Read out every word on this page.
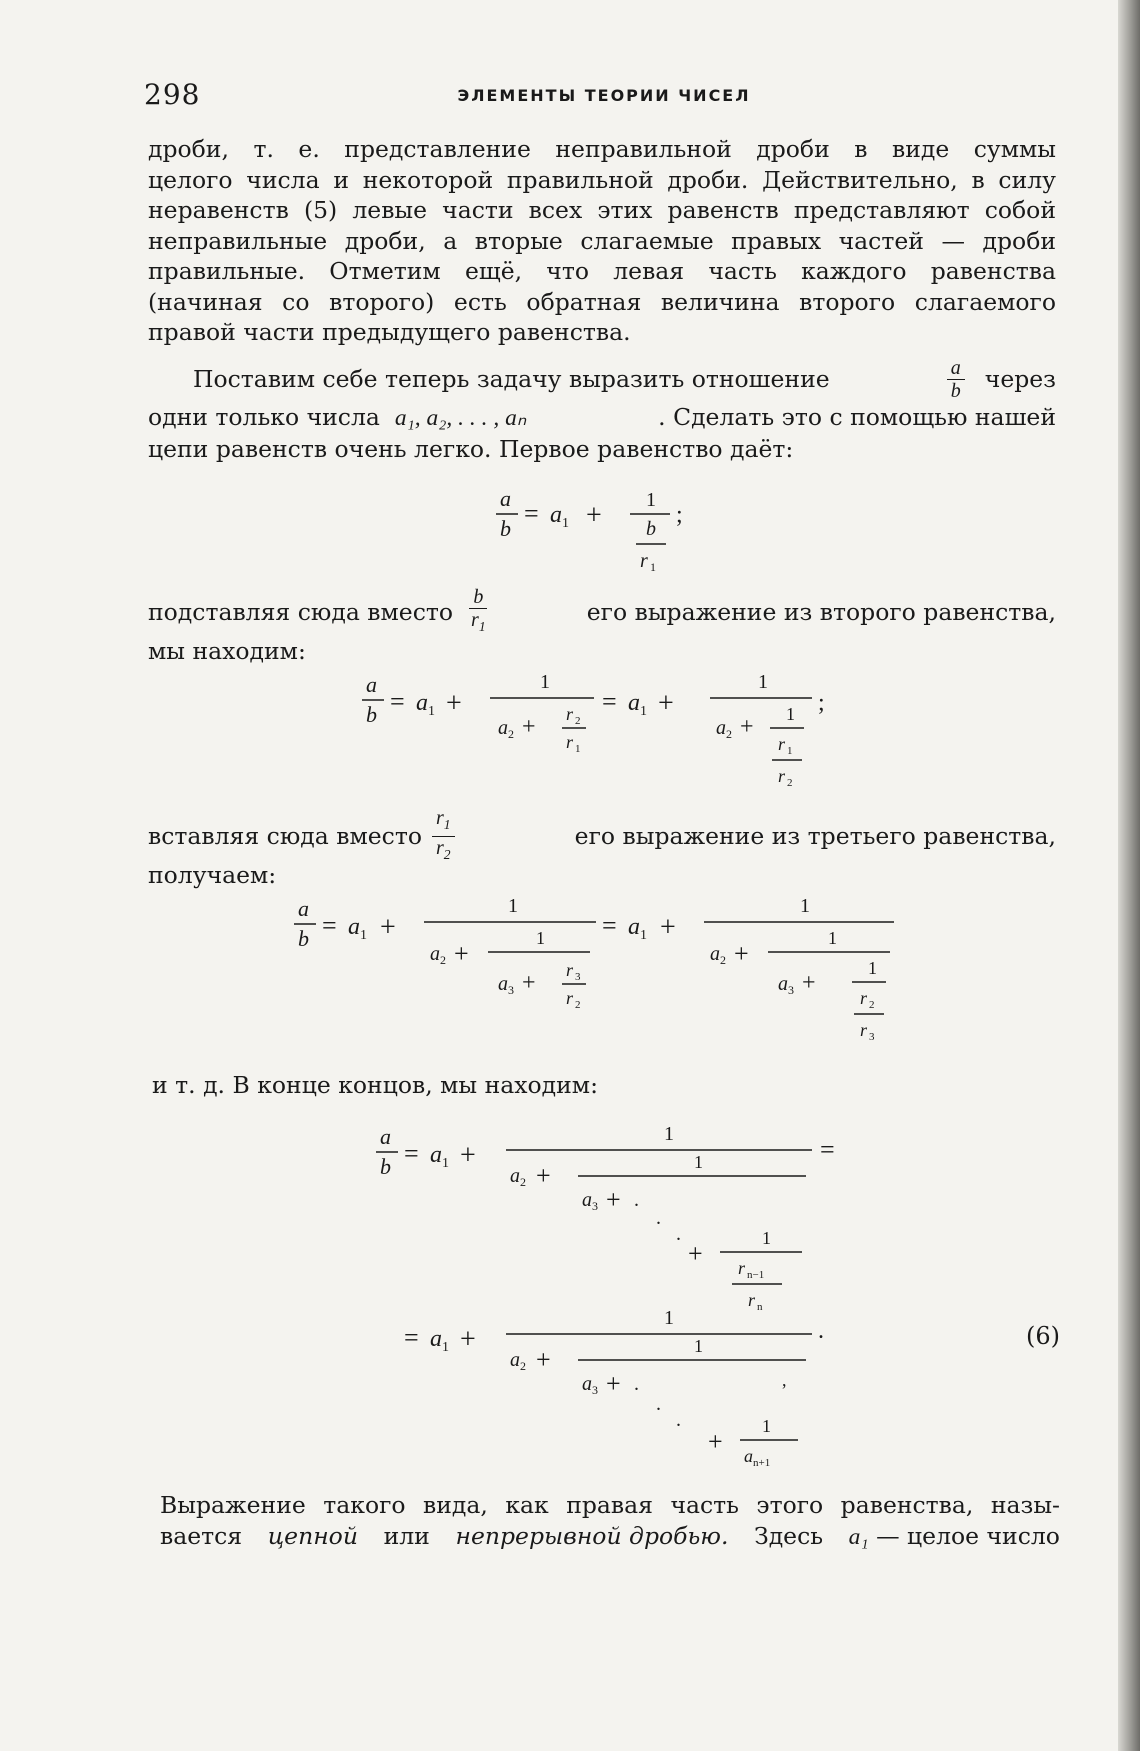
298	ЭЛЕМЕНТЫ ТЕОРИИ ЧИСЕЛ
дроби, т. е. представление неправильной дроби в виде суммы
целого числа и некоторой правильной дроби. Действительно, в силу
неравенств (5) левые части всех этих равенств представляют собой
неправильные дроби, а вторые слагаемые правых частей — дроби
правильные. Отметим ещё, что левая часть каждого равенства
(начиная со второго) есть обратная величина второго слагаемого
правой части предыдущего равенства.
Поставим себе теперь задачу выразить отношение	$\frac{a}{b}$ через
одни только числа a₁, a₂, . . . , aₙ	. Сделать это с помощью нашей
цепи равенств очень легко. Первое равенство даёт:
a
b
= a 1 + 1
b
r 1
;
подставляя сюда вместо $\frac{b}{r_1}$	его выражение из второго равенства,
мы находим:
a
b = a 1 +
1
a 2 + r 2
r 1
= a 1 +
1
a 2 + 1
r 1
r 2
;
вставляя сюда вместо $\frac{r_1}{r_2}$	его выражение из третьего равенства,
получаем:
a
b = a 1 +
1
a 2 +
1
a 3 + r 3
r 2
= a 1 +
1
a 2 +
1
a 3 +
1
r 2
r 3
и т. д. В конце концов, мы находим:
a
b = a 1 +
1
=
a 2 +	1
a 3 + .
.
.
+
1
r n−1
r n
= a 1 +
1	.
a 2 +	1
a 3 + .	,
.
.
+
1
a n+1
(6)
Выражение такого вида, как правая часть этого равенства, назы-
вается цепной или непрерывной дробью. Здесь a₁ — целое число
